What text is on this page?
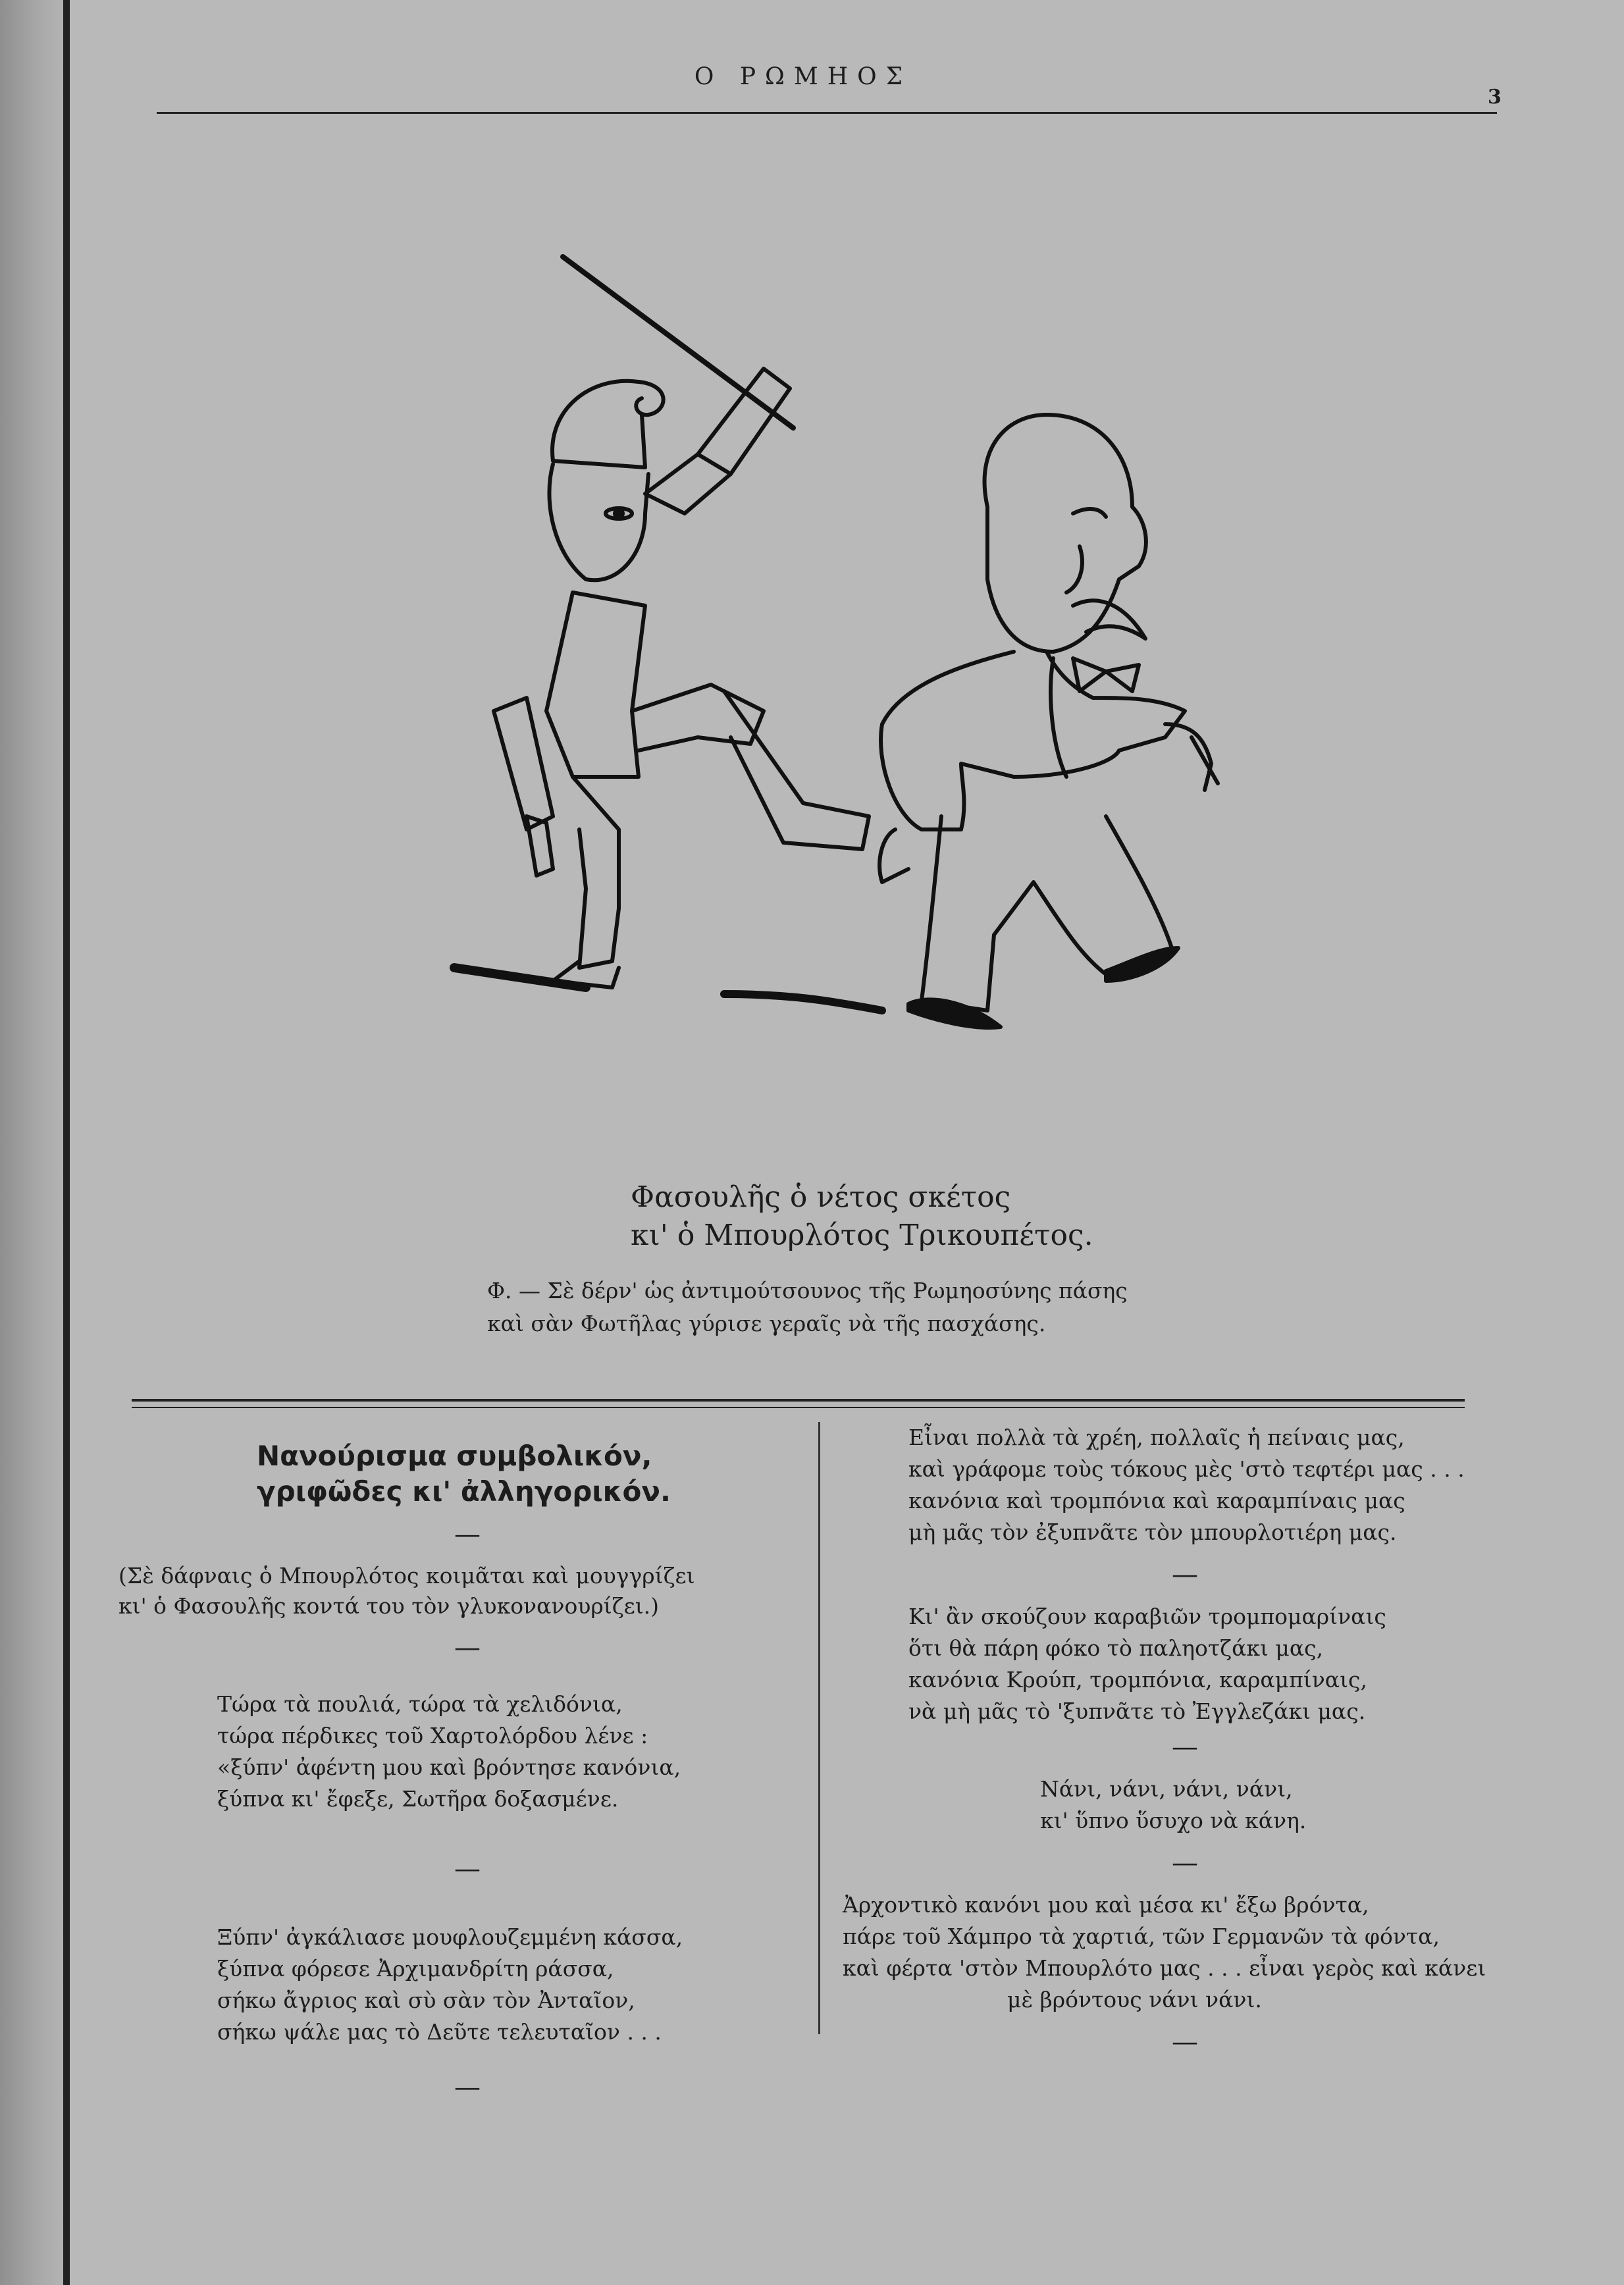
Ο ΡΩΜΗΟΣ
3
Φασουλῆς ὁ νέτος σκέτος
κι' ὁ Μπουρλότος Τρικουπέτος.
Φ. — Σὲ δέρν' ὡς ἀντιμούτσουνος τῆς Ρωμηοσύνης πάσης
καὶ σὰν Φωτῆλας γύρισε γεραῖς νὰ τῆς πασχάσης.
Νανούρισμα συμβολικόν,
γριφῶδες κι' ἀλληγορικόν.
—
(Σὲ δάφναις ὁ Μπουρλότος κοιμᾶται καὶ μουγγρίζει
κι' ὁ Φασουλῆς κοντά του τὸν γλυκονανουρίζει.)
—
Τώρα τὰ πουλιά, τώρα τὰ χελιδόνια,
τώρα πέρδικες τοῦ Χαρτολόρδου λένε :
«ξύπν' ἀφέντη μου καὶ βρόντησε κανόνια,
ξύπνα κι' ἔφεξε, Σωτῆρα δοξασμένε.
—
Ξύπν' ἀγκάλιασε μουφλουζεμμένη κάσσα,
ξύπνα φόρεσε Ἀρχιμανδρίτη ράσσα,
σήκω ἄγριος καὶ σὺ σὰν τὸν Ἀνταῖον,
σήκω ψάλε μας τὸ Δεῦτε τελευταῖον . . .
—
Εἶναι πολλὰ τὰ χρέη, πολλαῖς ἡ πείναις μας,
καὶ γράφομε τοὺς τόκους μὲς 'στὸ τεφτέρι μας . . .
κανόνια καὶ τρομπόνια καὶ καραμπίναις μας
μὴ μᾶς τὸν ἐξυπνᾶτε τὸν μπουρλοτιέρη μας.
—
Κι' ἂν σκούζουν καραβιῶν τρομπομαρίναις
ὅτι θὰ πάρη φόκο τὸ παληοτζάκι μας,
κανόνια Κρούπ, τρομπόνια, καραμπίναις,
νὰ μὴ μᾶς τὸ 'ξυπνᾶτε τὸ Ἐγγλεζάκι μας.
—
Νάνι, νάνι, νάνι, νάνι,
κι' ὕπνο ὕσυχο νὰ κάνη.
—
Ἀρχοντικὸ κανόνι μου καὶ μέσα κι' ἔξω βρόντα,
πάρε τοῦ Χάμπρο τὰ χαρτιά, τῶν Γερμανῶν τὰ φόντα,
καὶ φέρτα 'στὸν Μπουρλότο μας . . . εἶναι γερὸς καὶ κάνει
μὲ βρόντους νάνι νάνι.
—
